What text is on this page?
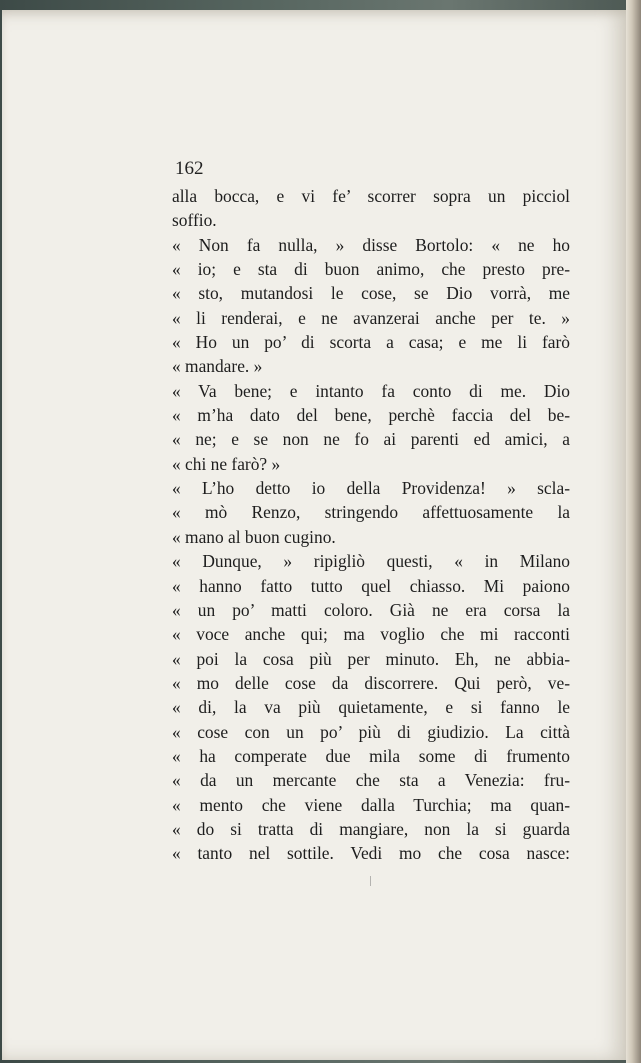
162
alla bocca, e vi fe’ scorrer sopra un picciol
soffio.
« Non fa nulla, » disse Bortolo: « ne ho
« io; e sta di buon animo, che presto pre-
« sto, mutandosi le cose, se Dio vorrà, me
« li renderai, e ne avanzerai anche per te. »
« Ho un po’ di scorta a casa; e me li farò
« mandare. »
« Va bene; e intanto fa conto di me. Dio
« m’ha dato del bene, perchè faccia del be-
« ne; e se non ne fo ai parenti ed amici, a
« chi ne farò? »
« L’ho detto io della Providenza! » scla-
« mò Renzo, stringendo affettuosamente la
« mano al buon cugino.
« Dunque, » ripigliò questi, « in Milano
« hanno fatto tutto quel chiasso. Mi paiono
« un po’ matti coloro. Già ne era corsa la
« voce anche qui; ma voglio che mi racconti
« poi la cosa più per minuto. Eh, ne abbia-
« mo delle cose da discorrere. Qui però, ve-
« di, la va più quietamente, e si fanno le
« cose con un po’ più di giudizio. La città
« ha comperate due mila some di frumento
« da un mercante che sta a Venezia: fru-
« mento che viene dalla Turchia; ma quan-
« do si tratta di mangiare, non la si guarda
« tanto nel sottile. Vedi mo che cosa nasce:
